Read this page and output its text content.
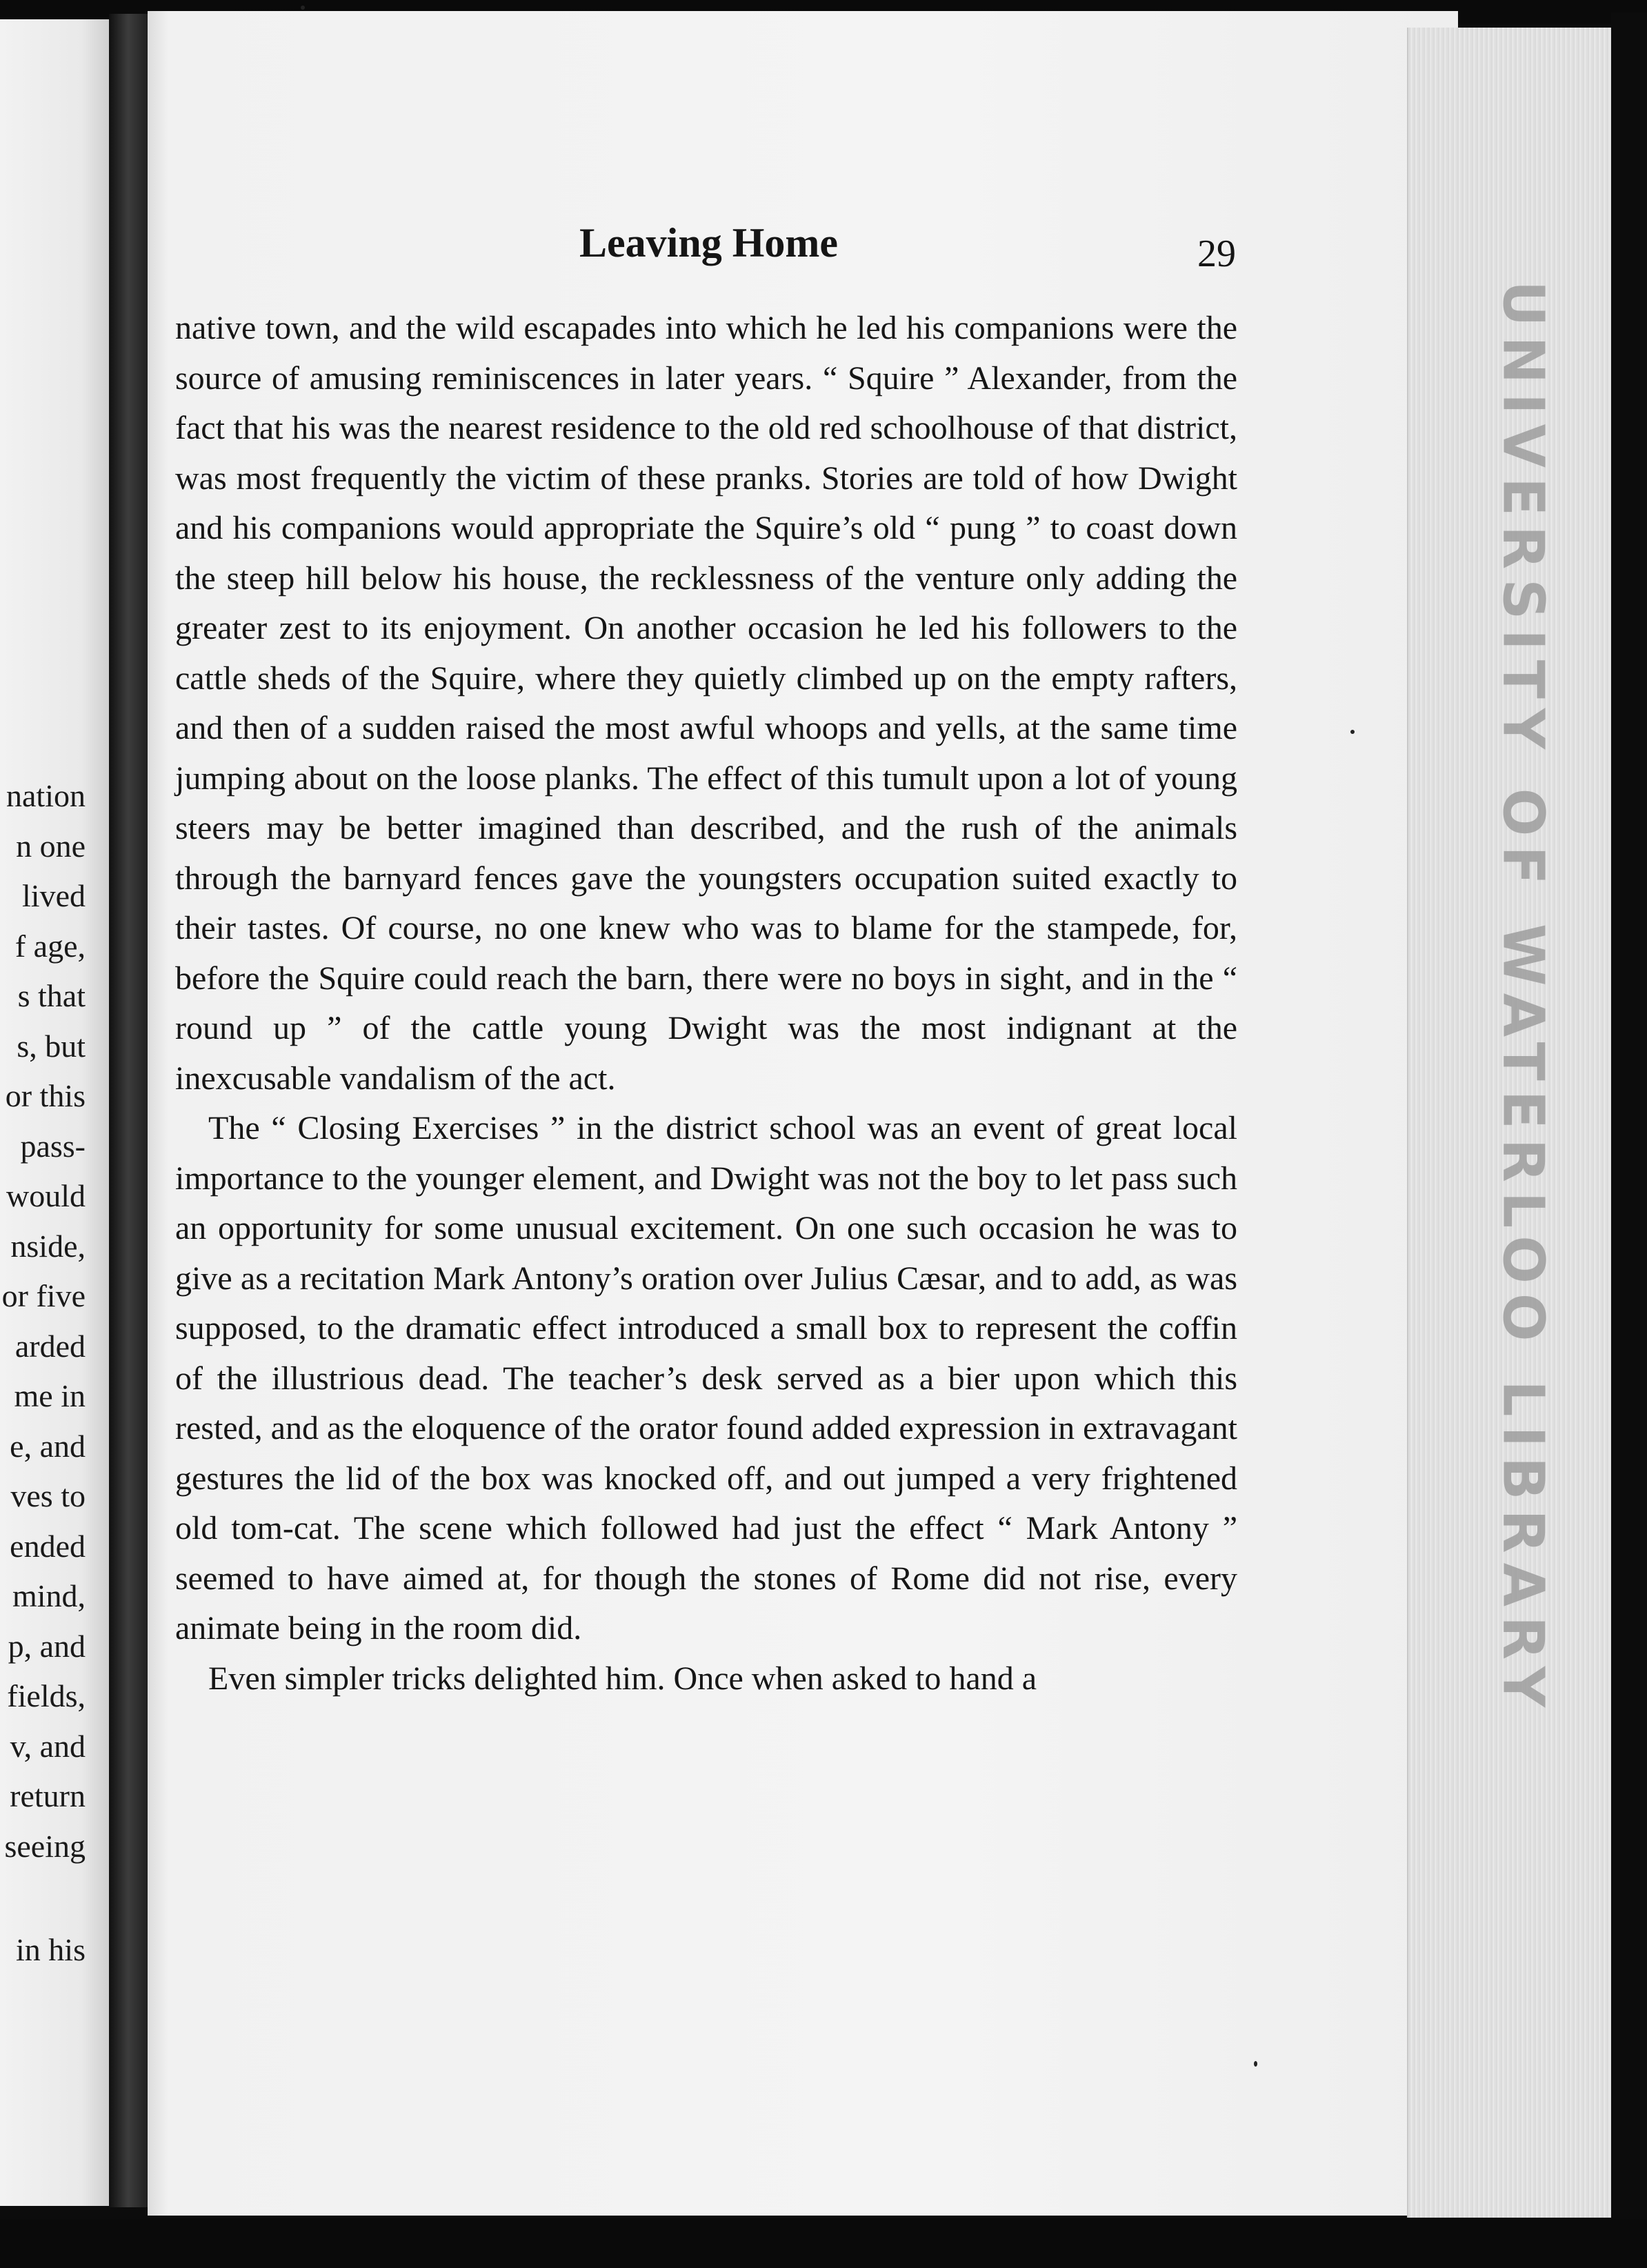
nation
n one
lived
f age,
s that
s, but
or this
pass-
would
nside,
or five
arded
me in
e, and
ves to
ended
mind,
p, and
fields,
v, and
return
seeing
in his
UNIVERSITY OF WATERLOO LIBRARY
Leaving Home	29

native town, and the wild escapades into which he led his companions were the source of amusing reminiscences in later years. “ Squire ” Alexander, from the fact that his was the nearest residence to the old red schoolhouse of that district, was most frequently the victim of these pranks. Stories are told of how Dwight and his companions would appropriate the Squire’s old “ pung ” to coast down the steep hill below his house, the recklessness of the venture only adding the greater zest to its enjoyment. On another occasion he led his followers to the cattle sheds of the Squire, where they quietly climbed up on the empty rafters, and then of a sudden raised the most awful whoops and yells, at the same time jumping about on the loose planks. The effect of this tumult upon a lot of young steers may be better imagined than described, and the rush of the animals through the barnyard fences gave the youngsters occupation suited exactly to their tastes. Of course, no one knew who was to blame for the stampede, for, before the Squire could reach the barn, there were no boys in sight, and in the “ round up ” of the cattle young Dwight was the most indignant at the inexcusable vandalism of the act.

The “ Closing Exercises ” in the district school was an event of great local importance to the younger element, and Dwight was not the boy to let pass such an opportunity for some unusual excitement. On one such occasion he was to give as a recitation Mark Antony’s oration over Julius Cæsar, and to add, as was supposed, to the dramatic effect introduced a small box to represent the coffin of the illustrious dead. The teacher’s desk served as a bier upon which this rested, and as the eloquence of the orator found added expression in extravagant gestures the lid of the box was knocked off, and out jumped a very frightened old tom-cat. The scene which followed had just the effect “ Mark Antony ” seemed to have aimed at, for though the stones of Rome did not rise, every animate being in the room did.

Even simpler tricks delighted him. Once when asked to hand a
